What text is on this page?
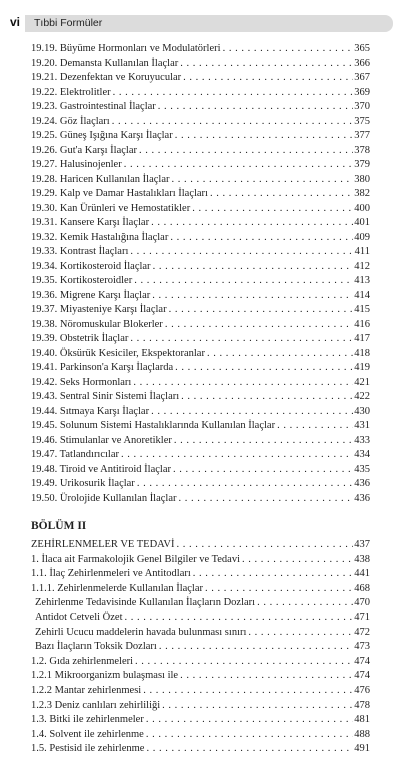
vi Tıbbi Formüler
19.19. Büyüme Hormonları ve Modulatörleri . . .	365
19.20. Demansta Kullanılan İlaçlar . . .	366
19.21. Dezenfektan ve Koruyucular . . .	367
19.22. Elektrolitler . . .	369
19.23. Gastrointestinal İlaçlar . . .	370
19.24. Göz İlaçları . . .	375
19.25. Güneş Işığına Karşı İlaçlar . . .	377
19.26. Gut'a Karşı İlaçlar . . .	378
19.27. Halusinojenler . . .	379
19.28. Haricen Kullanılan İlaçlar . . .	380
19.29. Kalp ve Damar Hastalıkları İlaçları . . .	382
19.30. Kan Ürünleri ve Hemostatikler . . .	400
19.31. Kansere Karşı İlaçlar . . .	401
19.32. Kemik Hastalığına İlaçlar . . .	409
19.33. Kontrast İlaçları . . .	411
19.34. Kortikosteroid İlaçlar . . .	412
19.35. Kortikosteroidler . . .	413
19.36. Migrene Karşı İlaçlar . . .	414
19.37. Miyasteniye Karşı İlaçlar . . .	415
19.38. Nöromuskular Blokerler . . .	416
19.39. Obstetrik İlaçlar . . .	417
19.40. Öksürük Kesiciler, Ekspektoranlar . . .	418
19.41. Parkinson'a Karşı İlaçlarda . . .	419
19.42. Seks Hormonları . . .	421
19.43. Sentral Sinir Sistemi İlaçları . . .	422
19.44. Sıtmaya Karşı İlaçlar . . .	430
19.45. Solunum Sistemi Hastalıklarında Kullanılan İlaçlar . . .	431
19.46. Stimulanlar ve Anoretikler . . .	433
19.47. Tatlandırıcılar . . .	434
19.48. Tiroid ve Antitiroid İlaçlar . . .	435
19.49. Urikosurik İlaçlar . . .	436
19.50. Ürolojide Kullanılan İlaçlar . . .	436
BÖLÜM II
ZEHİRLENMELER VE TEDAVİ . . .	437
1. İlaca ait Farmakolojik Genel Bilgiler ve Tedavi . . .	438
1.1. İlaç Zehirlenmeleri ve Antitodları . . .	441
1.1.1. Zehirlenmelerde Kullanılan İlaçlar . . .	468
Zehirlenme Tedavisinde Kullanılan İlaçların Dozları . . .	470
Antidot Cetveli Özet . . .	471
Zehirli Ucucu maddelerin havada bulunması sınırı . . .	472
Bazı İlaçların Toksik Dozları . . .	473
1.2. Gıda zehirlenmeleri . . .	474
1.2.1 Mikroorganizm bulaşması ile . . .	474
1.2.2 Mantar zehirlenmesi . . .	476
1.2.3 Deniz canlıları zehirliliği . . .	478
1.3. Bitki ile zehirlenmeler . . .	481
1.4. Solvent ile zehirlenme . . .	488
1.5. Pestisid ile zehirlenme . . .	491
